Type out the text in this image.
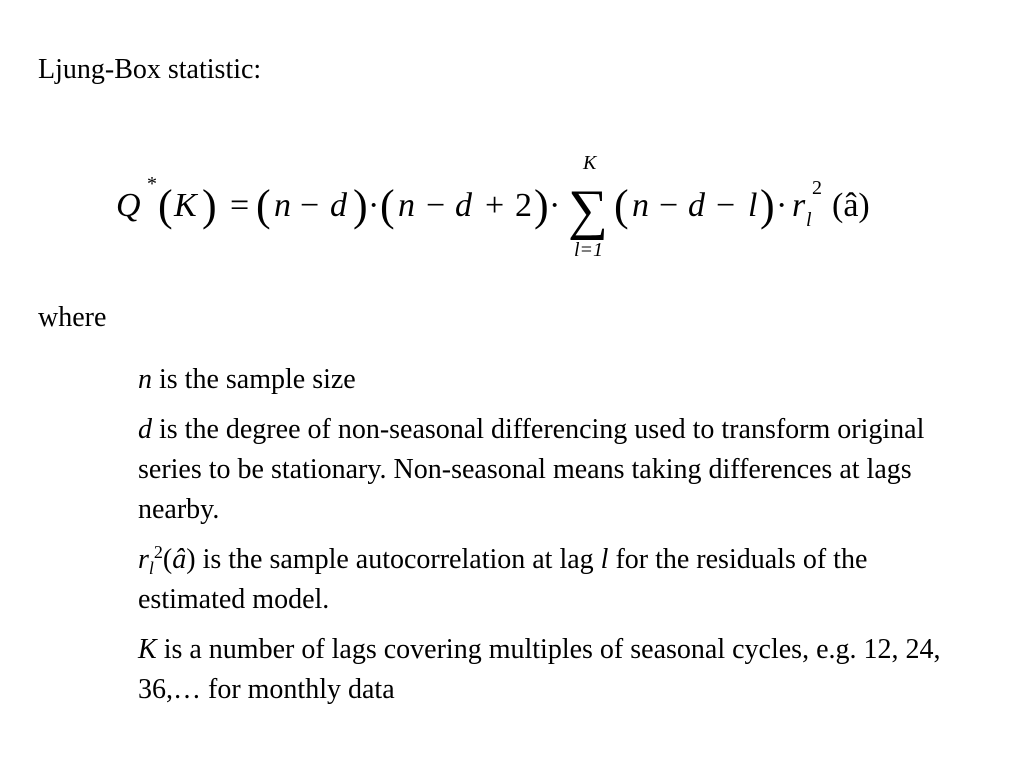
Ljung-Box statistic:
Q
* ( K ) = ( n − d ) · ( n − d + 2 ) ·
K
∑
l=1
( n − d − l ) · r 2
l (â)
where

n is the sample size

d is the degree of non-seasonal differencing used to transform original series to be stationary. Non-seasonal means taking differences at lags nearby.

$r_l^2(â)$ is the sample autocorrelation at lag l for the residuals of the estimated model.

K is a number of lags covering multiples of seasonal cycles, e.g. 12, 24, 36,… for monthly data
